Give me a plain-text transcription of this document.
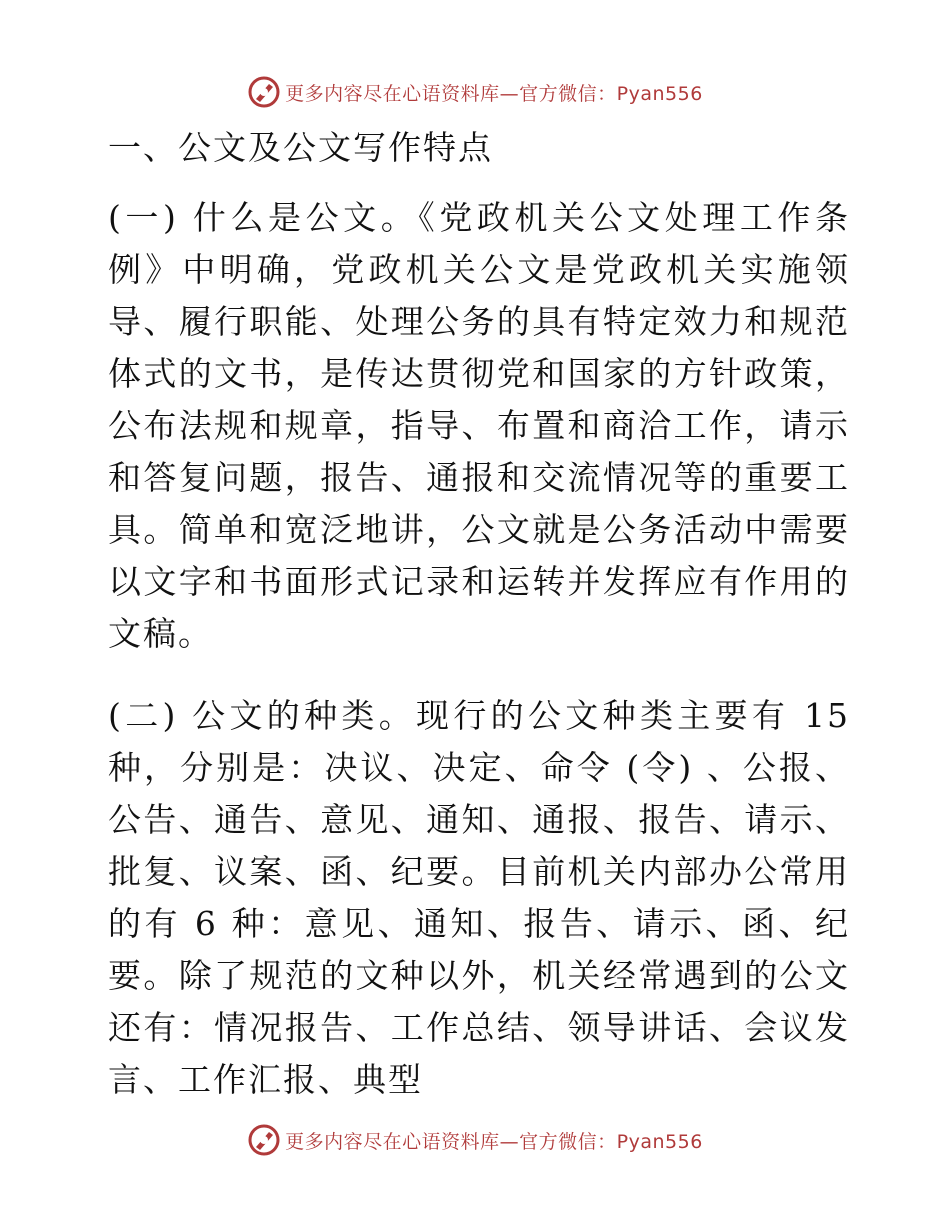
更多内容尽在心语资料库—官方微信：Pyan556
一、公文及公文写作特点

(一) 什么是公文。《党政机关公文处理工作条例》中明确，党政机关公文是党政机关实施领导、履行职能、处理公务的具有特定效力和规范体式的文书，是传达贯彻党和国家的方针政策，公布法规和规章，指导、布置和商洽工作，请示和答复问题，报告、通报和交流情况等的重要工具。简单和宽泛地讲，公文就是公务活动中需要以文字和书面形式记录和运转并发挥应有作用的文稿。

(二) 公文的种类。现行的公文种类主要有 15 种，分别是：决议、决定、命令 (令) 、公报、公告、通告、意见、通知、通报、报告、请示、批复、议案、函、纪要。目前机关内部办公常用的有 6 种：意见、通知、报告、请示、函、纪要。除了规范的文种以外，机关经常遇到的公文还有：情况报告、工作总结、领导讲话、会议发言、工作汇报、典型

更多内容尽在心语资料库—官方微信：Pyan556
